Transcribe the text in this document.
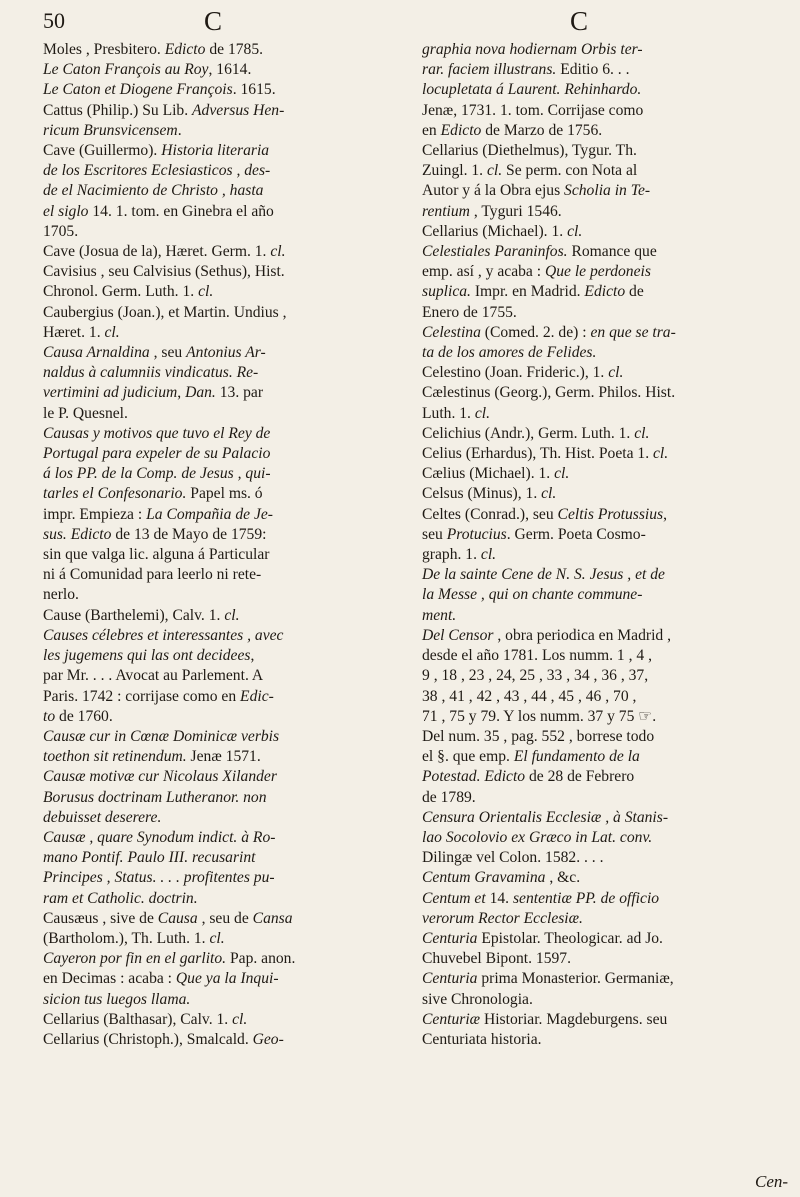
50	C	C
Moles , Presbitero. Edicto de 1785.
Le Caton François au Roy, 1614.
Le Caton et Diogene François. 1615.
Cattus (Philip.) Su Lib. Adversus Hen-
ricum Brunsvicensem.
Cave (Guillermo). Historia literaria
de los Escritores Eclesiasticos , des-
de el Nacimiento de Christo , hasta
el siglo 14. 1. tom. en Ginebra el año
1705.
Cave (Josua de la), Hæret. Germ. 1. cl.
Cavisius , seu Calvisius (Sethus), Hist.
Chronol. Germ. Luth. 1. cl.
Caubergius (Joan.), et Martin. Undius ,
Hæret. 1. cl.
Causa Arnaldina , seu Antonius Ar-
naldus à calumniis vindicatus. Re-
vertimini ad judicium, Dan. 13. par
le P. Quesnel.
Causas y motivos que tuvo el Rey de
Portugal para expeler de su Palacio
á los PP. de la Comp. de Jesus , qui-
tarles el Confesonario. Papel ms. ó
impr. Empieza : La Compañia de Je-
sus. Edicto de 13 de Mayo de 1759:
sin que valga lic. alguna á Particular
ni á Comunidad para leerlo ni rete-
nerlo.
Cause (Barthelemi), Calv. 1. cl.
Causes célebres et interessantes , avec
les jugemens qui las ont decidees,
par Mr. . . . Avocat au Parlement. A
Paris. 1742 : corrijase como en Edic-
to de 1760.
Causæ cur in Cœnæ Dominicæ verbis
toethon sit retinendum. Jenæ 1571.
Causæ motivæ cur Nicolaus Xilander
Borusus doctrinam Lutheranor. non
debuisset deserere.
Causæ , quare Synodum indict. à Ro-
mano Pontif. Paulo III. recusarint
Principes , Status. . . . profitentes pu-
ram et Catholic. doctrin.
Causæus , sive de Causa , seu de Cansa
(Bartholom.), Th. Luth. 1. cl.
Cayeron por fin en el garlito. Pap. anon.
en Decimas : acaba : Que ya la Inqui-
sicion tus luegos llama.
Cellarius (Balthasar), Calv. 1. cl.
Cellarius (Christoph.), Smalcald. Geo-
graphia nova hodiernam Orbis ter-
rar. faciem illustrans. Editio 6. . .
locupletata á Laurent. Rehinhardo.
Jenæ, 1731. 1. tom. Corrijase como
en Edicto de Marzo de 1756.
Cellarius (Diethelmus), Tygur. Th.
Zuingl. 1. cl. Se perm. con Nota al
Autor y á la Obra ejus Scholia in Te-
rentium , Tyguri 1546.
Cellarius (Michael). 1. cl.
Celestiales Paraninfos. Romance que
emp. así , y acaba : Que le perdoneis
suplica. Impr. en Madrid. Edicto de
Enero de 1755.
Celestina (Comed. 2. de) : en que se tra-
ta de los amores de Felides.
Celestino (Joan. Frideric.), 1. cl.
Cælestinus (Georg.), Germ. Philos. Hist.
Luth. 1. cl.
Celichius (Andr.), Germ. Luth. 1. cl.
Celius (Erhardus), Th. Hist. Poeta 1. cl.
Cælius (Michael). 1. cl.
Celsus (Minus), 1. cl.
Celtes (Conrad.), seu Celtis Protussius,
seu Protucius. Germ. Poeta Cosmo-
graph. 1. cl.
De la sainte Cene de N. S. Jesus , et de
la Messe , qui on chante commune-
ment.
Del Censor , obra periodica en Madrid ,
desde el año 1781. Los numm. 1 , 4 ,
9 , 18 , 23 , 24, 25 , 33 , 34 , 36 , 37,
38 , 41 , 42 , 43 , 44 , 45 , 46 , 70 ,
71 , 75 y 79. Y los numm. 37 y 75 ☞.
Del num. 35 , pag. 552 , borrese todo
el §. que emp. El fundamento de la
Potestad. Edicto de 28 de Febrero
de 1789.
Censura Orientalis Ecclesiæ , à Stanis-
lao Socolovio ex Græco in Lat. conv.
Dilingæ vel Colon. 1582. . . .
Centum Gravamina , &c.
Centum et 14. sententiæ PP. de officio
verorum Rector Ecclesiæ.
Centuria Epistolar. Theologicar. ad Jo.
Chuvebel Bipont. 1597.
Centuria prima Monasterior. Germaniæ,
sive Chronologia.
Centuriæ Historiar. Magdeburgens. seu
Centuriata historia.
Cen-
